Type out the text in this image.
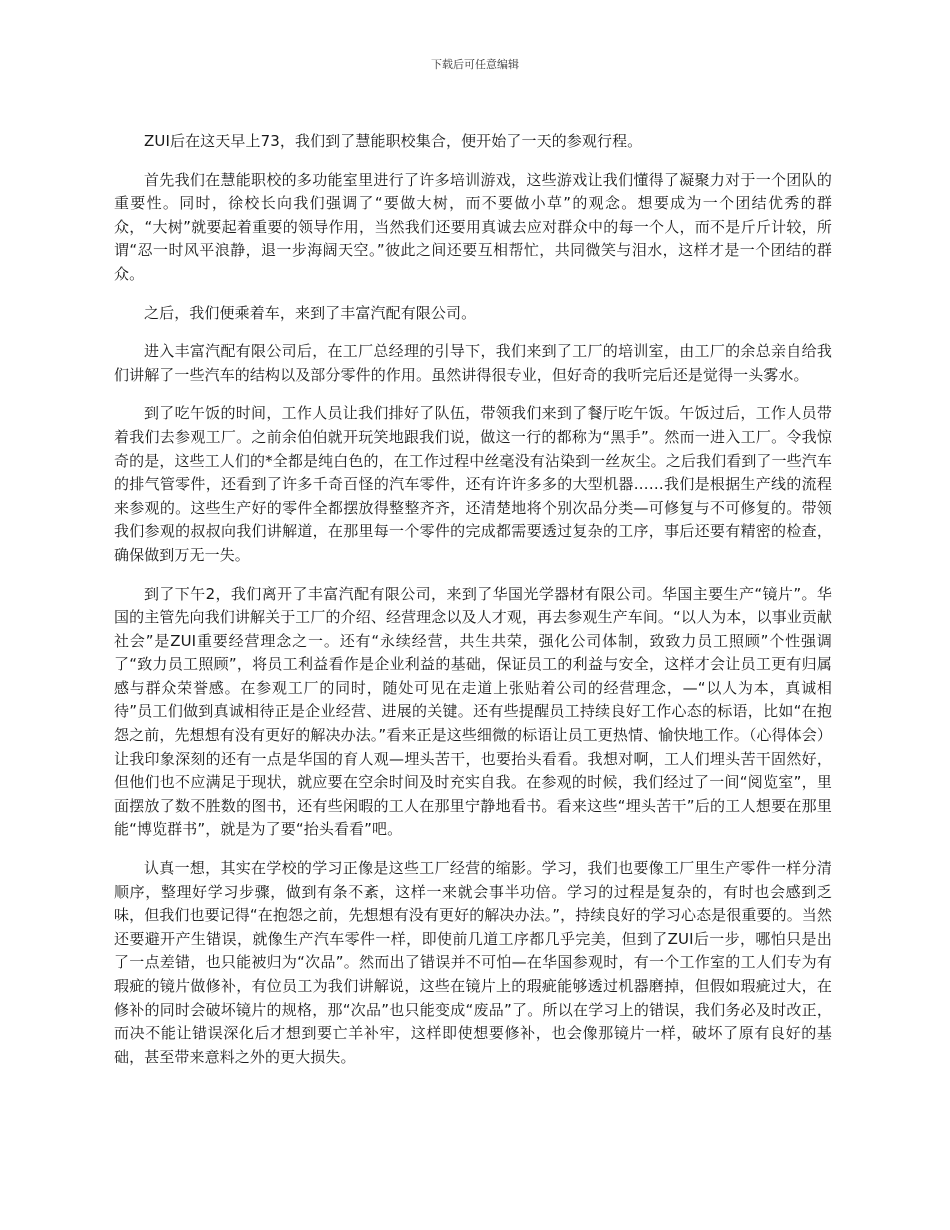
下载后可任意编辑

ZUI后在这天早上73，我们到了慧能职校集合，便开始了一天的参观行程。

首先我们在慧能职校的多功能室里进行了许多培训游戏，这些游戏让我们懂得了凝聚力对于一个团队的重要性。同时，徐校长向我们强调了“要做大树，而不要做小草”的观念。想要成为一个团结优秀的群众，“大树”就要起着重要的领导作用，当然我们还要用真诚去应对群众中的每一个人，而不是斤斤计较，所谓“忍一时风平浪静，退一步海阔天空。”彼此之间还要互相帮忙，共同微笑与泪水，这样才是一个团结的群众。

之后，我们便乘着车，来到了丰富汽配有限公司。

进入丰富汽配有限公司后，在工厂总经理的引导下，我们来到了工厂的培训室，由工厂的余总亲自给我们讲解了一些汽车的结构以及部分零件的作用。虽然讲得很专业，但好奇的我听完后还是觉得一头雾水。

到了吃午饭的时间，工作人员让我们排好了队伍，带领我们来到了餐厅吃午饭。午饭过后，工作人员带着我们去参观工厂。之前余伯伯就开玩笑地跟我们说，做这一行的都称为“黑手”。然而一进入工厂。令我惊奇的是，这些工人们的*全都是纯白色的，在工作过程中丝毫没有沾染到一丝灰尘。之后我们看到了一些汽车的排气管零件，还看到了许多千奇百怪的汽车零件，还有许许多多的大型机器……我们是根据生产线的流程来参观的。这些生产好的零件全都摆放得整整齐齐，还清楚地将个别次品分类—可修复与不可修复的。带领我们参观的叔叔向我们讲解道，在那里每一个零件的完成都需要透过复杂的工序，事后还要有精密的检查，确保做到万无一失。

到了下午2，我们离开了丰富汽配有限公司，来到了华国光学器材有限公司。华国主要生产“镜片”。华国的主管先向我们讲解关于工厂的介绍、经营理念以及人才观，再去参观生产车间。“以人为本，以事业贡献社会”是ZUI重要经营理念之一。还有“永续经营，共生共荣，强化公司体制，致致力员工照顾”个性强调了“致力员工照顾”，将员工利益看作是企业利益的基础，保证员工的利益与安全，这样才会让员工更有归属感与群众荣誉感。在参观工厂的同时，随处可见在走道上张贴着公司的经营理念，—“以人为本，真诚相待”员工们做到真诚相待正是企业经营、进展的关键。还有些提醒员工持续良好工作心态的标语，比如“在抱怨之前，先想想有没有更好的解决办法。”看来正是这些细微的标语让员工更热情、愉快地工作。（心得体会）让我印象深刻的还有一点是华国的育人观—埋头苦干，也要抬头看看。我想对啊，工人们埋头苦干固然好，但他们也不应满足于现状，就应要在空余时间及时充实自我。在参观的时候，我们经过了一间“阅览室”，里面摆放了数不胜数的图书，还有些闲暇的工人在那里宁静地看书。看来这些“埋头苦干”后的工人想要在那里能“博览群书”，就是为了要“抬头看看”吧。

认真一想，其实在学校的学习正像是这些工厂经营的缩影。学习，我们也要像工厂里生产零件一样分清顺序，整理好学习步骤，做到有条不紊，这样一来就会事半功倍。学习的过程是复杂的，有时也会感到乏味，但我们也要记得“在抱怨之前，先想想有没有更好的解决办法。”，持续良好的学习心态是很重要的。当然还要避开产生错误，就像生产汽车零件一样，即使前几道工序都几乎完美，但到了ZUI后一步，哪怕只是出了一点差错，也只能被归为“次品”。然而出了错误并不可怕—在华国参观时，有一个工作室的工人们专为有瑕疵的镜片做修补，有位员工为我们讲解说，这些在镜片上的瑕疵能够透过机器磨掉，但假如瑕疵过大，在修补的同时会破坏镜片的规格，那“次品”也只能变成“废品”了。所以在学习上的错误，我们务必及时改正，而决不能让错误深化后才想到要亡羊补牢，这样即使想要修补，也会像那镜片一样，破坏了原有良好的基础，甚至带来意料之外的更大损失。
